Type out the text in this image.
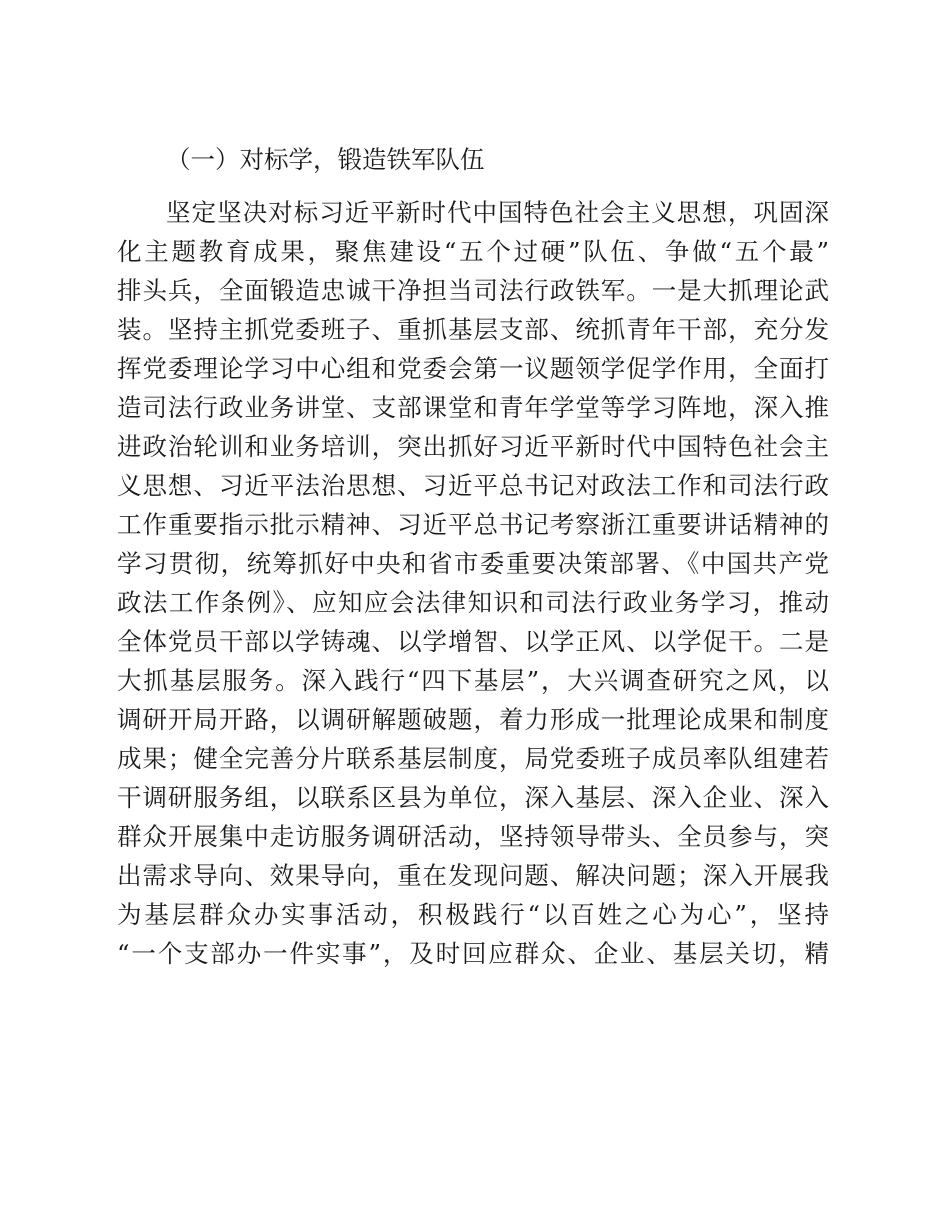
（一）对标学，锻造铁军队伍
坚定坚决对标习近平新时代中国特色社会主义思想，巩固深
化主题教育成果，聚焦建设“五个过硬”队伍、争做“五个最”
排头兵，全面锻造忠诚干净担当司法行政铁军。一是大抓理论武
装。坚持主抓党委班子、重抓基层支部、统抓青年干部，充分发
挥党委理论学习中心组和党委会第一议题领学促学作用，全面打
造司法行政业务讲堂、支部课堂和青年学堂等学习阵地，深入推
进政治轮训和业务培训，突出抓好习近平新时代中国特色社会主
义思想、习近平法治思想、习近平总书记对政法工作和司法行政
工作重要指示批示精神、习近平总书记考察浙江重要讲话精神的
学习贯彻，统筹抓好中央和省市委重要决策部署、《中国共产党
政法工作条例》、应知应会法律知识和司法行政业务学习，推动
全体党员干部以学铸魂、以学增智、以学正风、以学促干。二是
大抓基层服务。深入践行“四下基层”，大兴调查研究之风，以
调研开局开路，以调研解题破题，着力形成一批理论成果和制度
成果；健全完善分片联系基层制度，局党委班子成员率队组建若
干调研服务组，以联系区县为单位，深入基层、深入企业、深入
群众开展集中走访服务调研活动，坚持领导带头、全员参与，突
出需求导向、效果导向，重在发现问题、解决问题；深入开展我
为基层群众办实事活动，积极践行“以百姓之心为心”，坚持
“一个支部办一件实事”，及时回应群众、企业、基层关切，精
